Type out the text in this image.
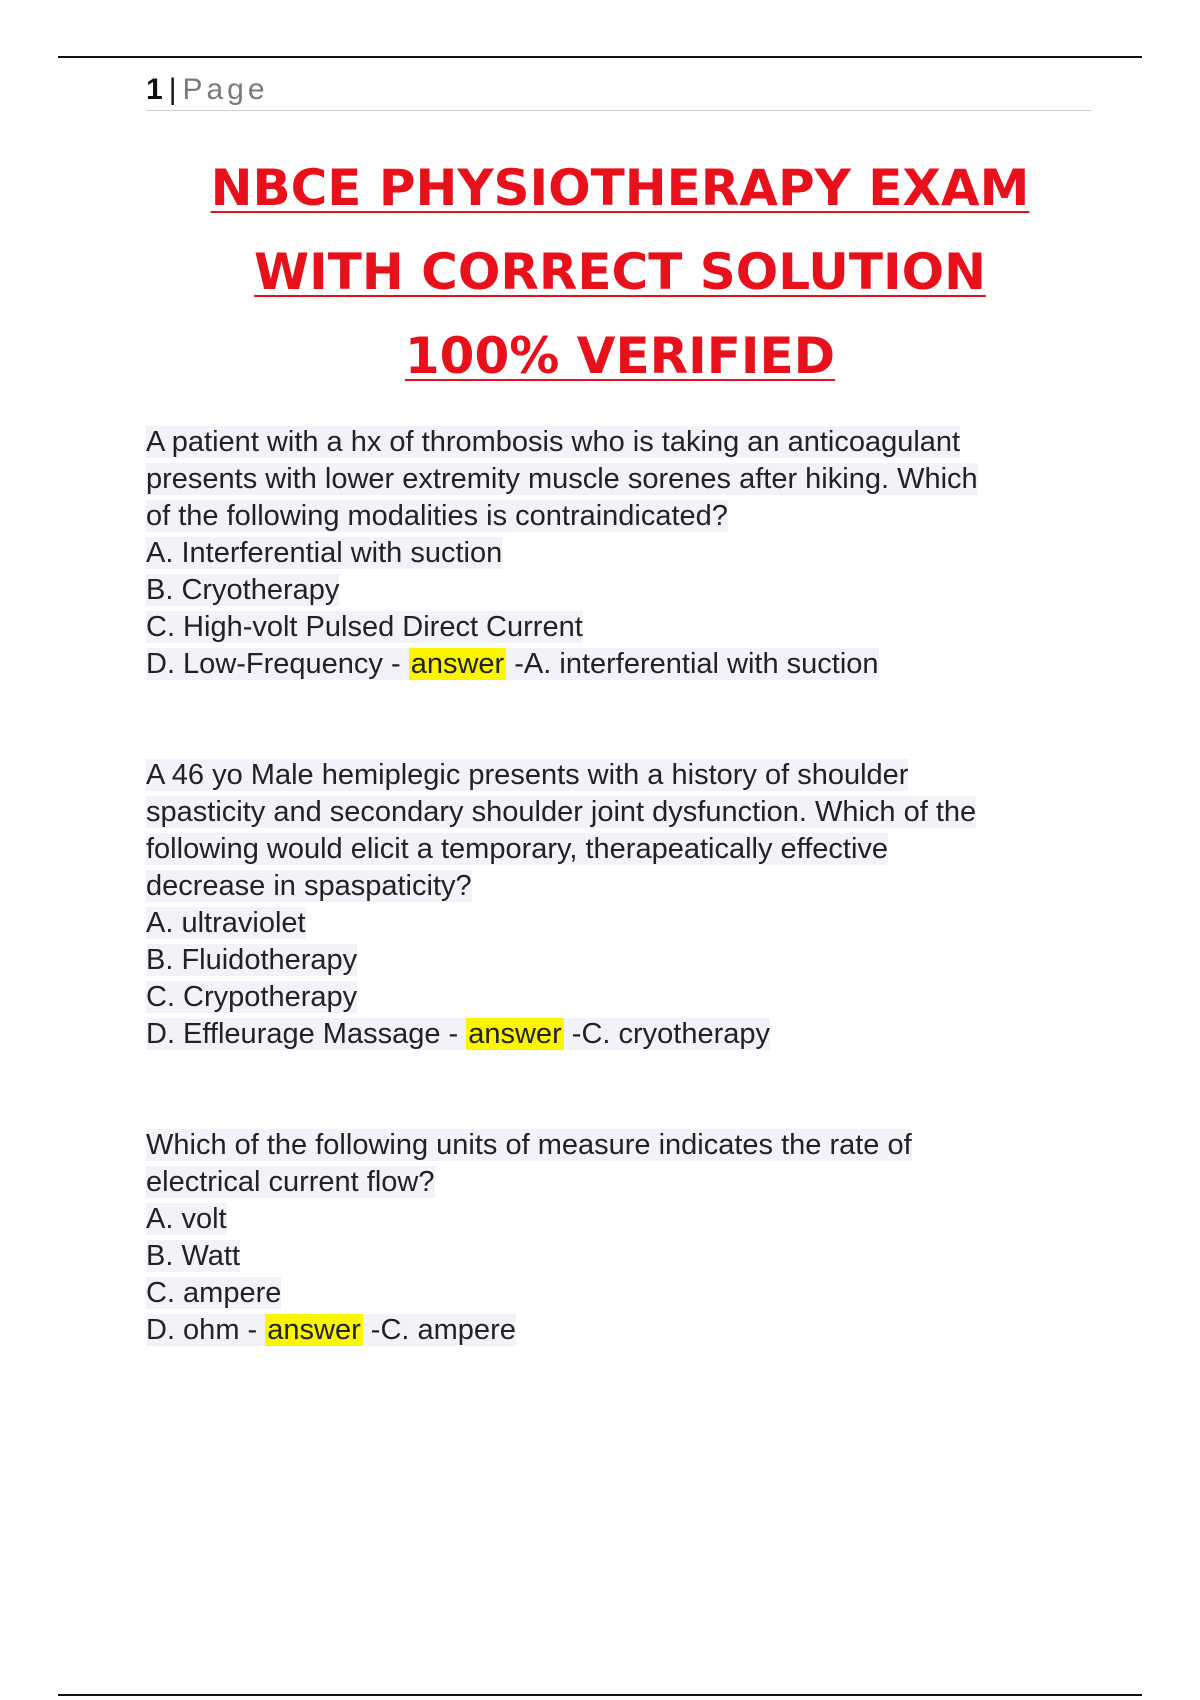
1 | Page
NBCE PHYSIOTHERAPY EXAM
WITH CORRECT SOLUTION
100% VERIFIED
A patient with a hx of thrombosis who is taking an anticoagulant
presents with lower extremity muscle sorenes after hiking. Which
of the following modalities is contraindicated?
A. Interferential with suction
B. Cryotherapy
C. High-volt Pulsed Direct Current
D. Low-Frequency - answer -A. interferential with suction
A 46 yo Male hemiplegic presents with a history of shoulder
spasticity and secondary shoulder joint dysfunction. Which of the
following would elicit a temporary, therapeatically effective
decrease in spaspaticity?
A. ultraviolet
B. Fluidotherapy
C. Crypotherapy
D. Effleurage Massage - answer -C. cryotherapy
Which of the following units of measure indicates the rate of
electrical current flow?
A. volt
B. Watt
C. ampere
D. ohm - answer -C. ampere
